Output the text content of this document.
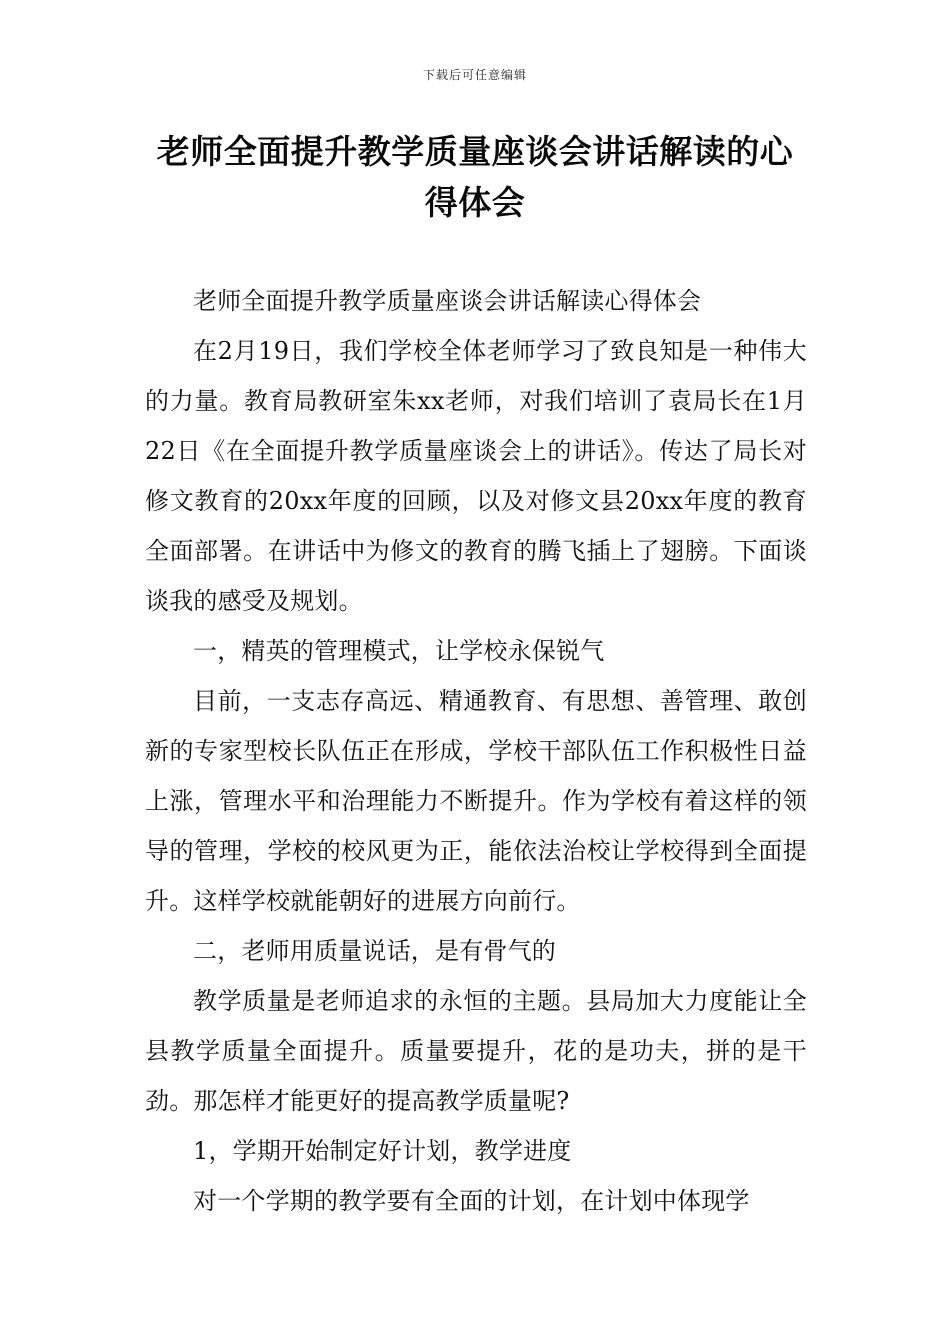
下载后可任意编辑
老师全面提升教学质量座谈会讲话解读的心得体会

老师全面提升教学质量座谈会讲话解读心得体会

在2月19日，我们学校全体老师学习了致良知是一种伟大的力量。教育局教研室朱xx老师，对我们培训了袁局长在1月22日《在全面提升教学质量座谈会上的讲话》。传达了局长对修文教育的20xx年度的回顾，以及对修文县20xx年度的教育全面部署。在讲话中为修文的教育的腾飞插上了翅膀。下面谈谈我的感受及规划。

一，精英的管理模式，让学校永保锐气

目前，一支志存高远、精通教育、有思想、善管理、敢创新的专家型校长队伍正在形成，学校干部队伍工作积极性日益上涨，管理水平和治理能力不断提升。作为学校有着这样的领导的管理，学校的校风更为正，能依法治校让学校得到全面提升。这样学校就能朝好的进展方向前行。

二，老师用质量说话，是有骨气的

教学质量是老师追求的永恒的主题。县局加大力度能让全县教学质量全面提升。质量要提升，花的是功夫，拼的是干劲。那怎样才能更好的提高教学质量呢?

1，学期开始制定好计划，教学进度

对一个学期的教学要有全面的计划，在计划中体现学
